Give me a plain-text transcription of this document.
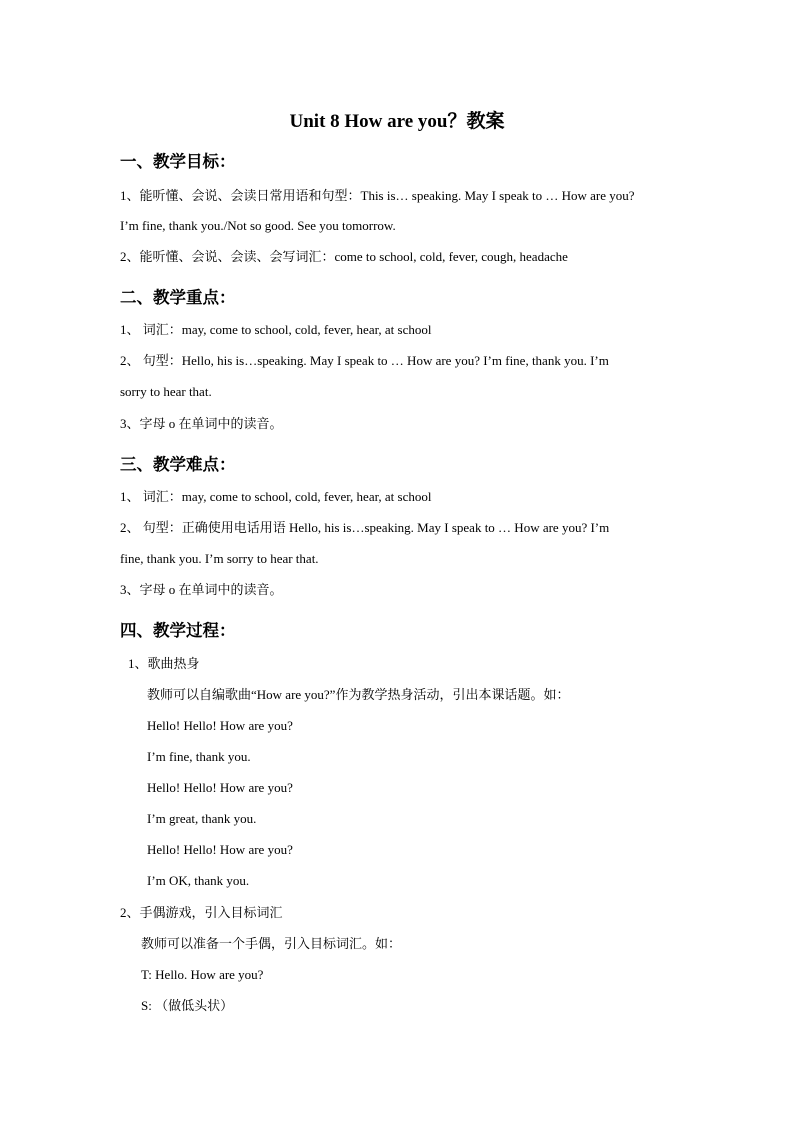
Unit 8 How are you？教案
一、教学目标：
1、能听懂、会说、会读日常用语和句型：This is… speaking. May I speak to … How are you?
I’m fine, thank you./Not so good. See you tomorrow.
2、能听懂、会说、会读、会写词汇：come to school, cold, fever, cough, headache
二、教学重点：
1、 词汇：may, come to school, cold, fever, hear, at school
2、 句型：Hello, his is…speaking. May I speak to … How are you? I’m fine, thank you. I’m
sorry to hear that.
3、字母 o 在单词中的读音。
三、教学难点：
1、 词汇：may, come to school, cold, fever, hear, at school
2、 句型：正确使用电话用语 Hello, his is…speaking. May I speak to … How are you? I’m
fine, thank you. I’m sorry to hear that.
3、字母 o 在单词中的读音。
四、教学过程：
1、歌曲热身
教师可以自编歌曲“How are you?”作为教学热身活动，引出本课话题。如：
Hello! Hello! How are you?
I’m fine, thank you.
Hello! Hello! How are you?
I’m great, thank you.
Hello! Hello! How are you?
I’m OK, thank you.
2、手偶游戏，引入目标词汇
教师可以准备一个手偶，引入目标词汇。如：
T: Hello. How are you?
S: （做低头状）
